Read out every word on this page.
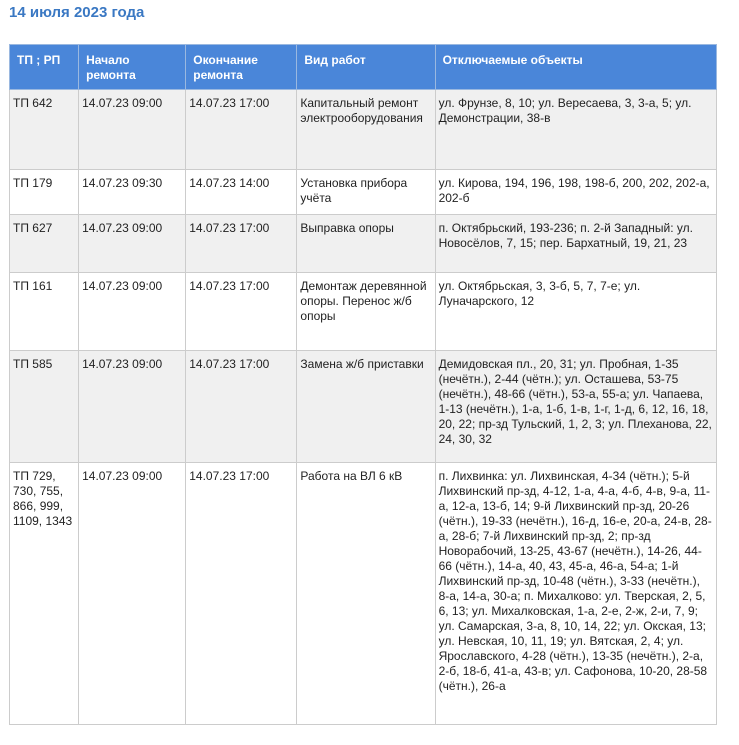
14 июля 2023 года
ТП ; РП	Начало ремонта	Окончание ремонта	Вид работ	Отключаемые объекты
ТП 642	14.07.23 09:00	14.07.23 17:00	Капитальный ремонт электрооборудования	ул. Фрунзе, 8, 10; ул. Вересаева, 3, 3-а, 5; ул. Демонстрации, 38-в
ТП 179	14.07.23 09:30	14.07.23 14:00	Установка прибора учёта	ул. Кирова, 194, 196, 198, 198-б, 200, 202, 202-а, 202-б
ТП 627	14.07.23 09:00	14.07.23 17:00	Выправка опоры	п. Октябрьский, 193-236; п. 2-й Западный: ул. Новосёлов, 7, 15; пер. Бархатный, 19, 21, 23
ТП 161	14.07.23 09:00	14.07.23 17:00	Демонтаж деревянной опоры. Перенос ж/б опоры	ул. Октябрьская, 3, 3-б, 5, 7, 7-е; ул. Луначарского, 12
ТП 585	14.07.23 09:00	14.07.23 17:00	Замена ж/б приставки	Демидовская пл., 20, 31; ул. Пробная, 1-35 (нечётн.), 2-44 (чётн.); ул. Осташева, 53-75 (нечётн.), 48-66 (чётн.), 53-а, 55-а; ул. Чапаева, 1-13 (нечётн.), 1-а, 1-б, 1-в, 1-г, 1-д, 6, 12, 16, 18, 20, 22; пр-зд Тульский, 1, 2, 3; ул. Плеханова, 22, 24, 30, 32
ТП 729, 730, 755, 866, 999, 1109, 1343	14.07.23 09:00	14.07.23 17:00	Работа на ВЛ 6 кВ	п. Лихвинка: ул. Лихвинская, 4-34 (чётн.); 5-й Лихвинский пр-зд, 4-12, 1-а, 4-а, 4-б, 4-в, 9-а, 11-а, 12-а, 13-б, 14; 9-й Лихвинский пр-зд, 20-26 (чётн.), 19-33 (нечётн.), 16-д, 16-е, 20-а, 24-в, 28-а, 28-б; 7-й Лихвинский пр-зд, 2; пр-зд Новорабочий, 13-25, 43-67 (нечётн.), 14-26, 44-66 (чётн.), 14-а, 40, 43, 45-а, 46-а, 54-а; 1-й Лихвинский пр-зд, 10-48 (чётн.), 3-33 (нечётн.), 8-а, 14-а, 30-а; п. Михалково: ул. Тверская, 2, 5, 6, 13; ул. Михалковская, 1-а, 2-е, 2-ж, 2-и, 7, 9; ул. Самарская, 3-а, 8, 10, 14, 22; ул. Окская, 13; ул. Невская, 10, 11, 19; ул. Вятская, 2, 4; ул. Ярославского, 4-28 (чётн.), 13-35 (нечётн.), 2-а, 2-б, 18-б, 41-а, 43-в; ул. Сафонова, 10-20, 28-58 (чётн.), 26-а
